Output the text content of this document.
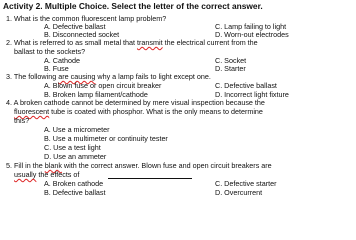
Activity 2. Multiple Choice. Select the letter of the correct answer.
1. What is the common fluorescent lamp problem?
A. Defective ballast	C. Lamp failing to light
B. Disconnected socket	D. Worn-out electrodes
2. What is referred to as small metal that transmit the electrical current from the
ballast to the sockets?
A. Cathode	C. Socket
B. Fuse	D. Starter
3. The following are causing why a lamp fails to light except one.
A. Blown fuse or open circuit breaker	C. Defective ballast
B. Broken lamp filament/cathode	D. Incorrect light fixture
4. A broken cathode cannot be determined by mere visual inspection because the
fluorescent tube is coated with phosphor. What is the only means to determine
this?
A. Use a micrometer
B. Use a multimeter or continuity tester
C. Use a test light
D. Use an ammeter
5. Fill in the blank with the correct answer. Blown fuse and open circuit breakers are
usually the effects of
A. Broken cathode	C. Defective starter
B. Defective ballast	D. Overcurrent
